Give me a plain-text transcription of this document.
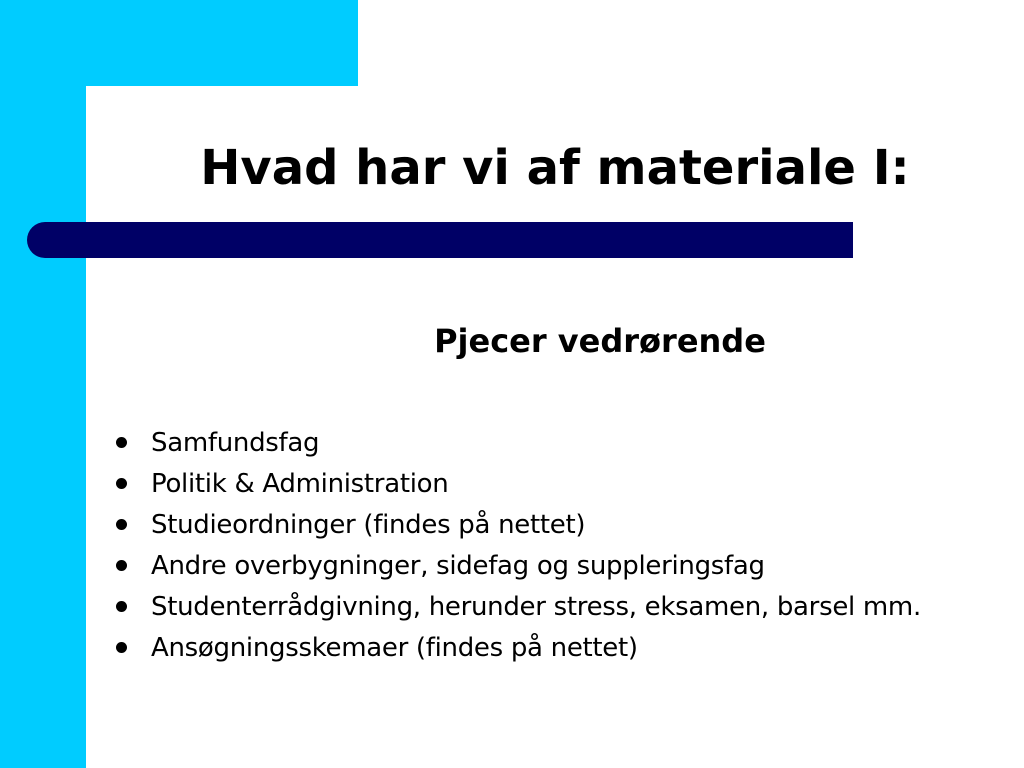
Hvad har vi af materiale I:
Pjecer vedrørende
Samfundsfag
Politik & Administration
Studieordninger (findes på nettet)
Andre overbygninger, sidefag og suppleringsfag
Studenterrådgivning, herunder stress, eksamen, barsel mm.
Ansøgningsskemaer (findes på nettet)
